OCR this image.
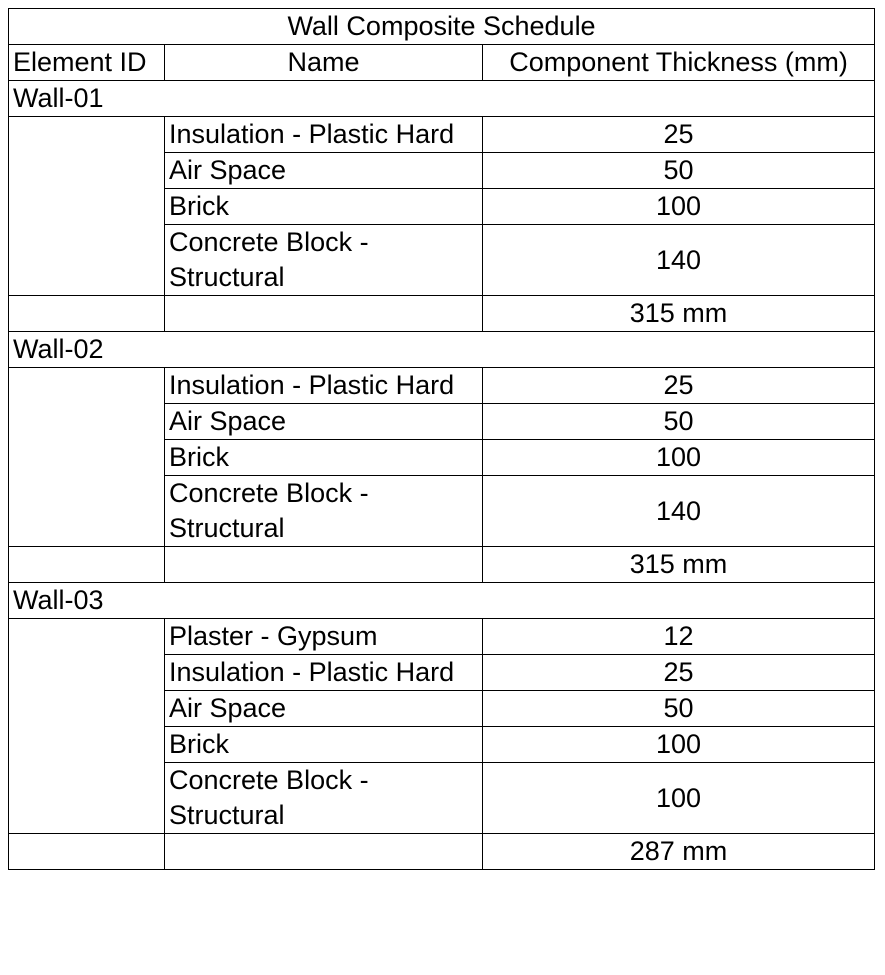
Wall Composite Schedule		
Element ID	Name	Component Thickness (mm)
Wall-01		
	Insulation - Plastic Hard	25
	Air Space	50
	Brick	100
	Concrete Block - Structural	140
		315 mm
Wall-02		
	Insulation - Plastic Hard	25
	Air Space	50
	Brick	100
	Concrete Block - Structural	140
		315 mm
Wall-03		
	Plaster - Gypsum	12
	Insulation - Plastic Hard	25
	Air Space	50
	Brick	100
	Concrete Block - Structural	100
		287 mm
